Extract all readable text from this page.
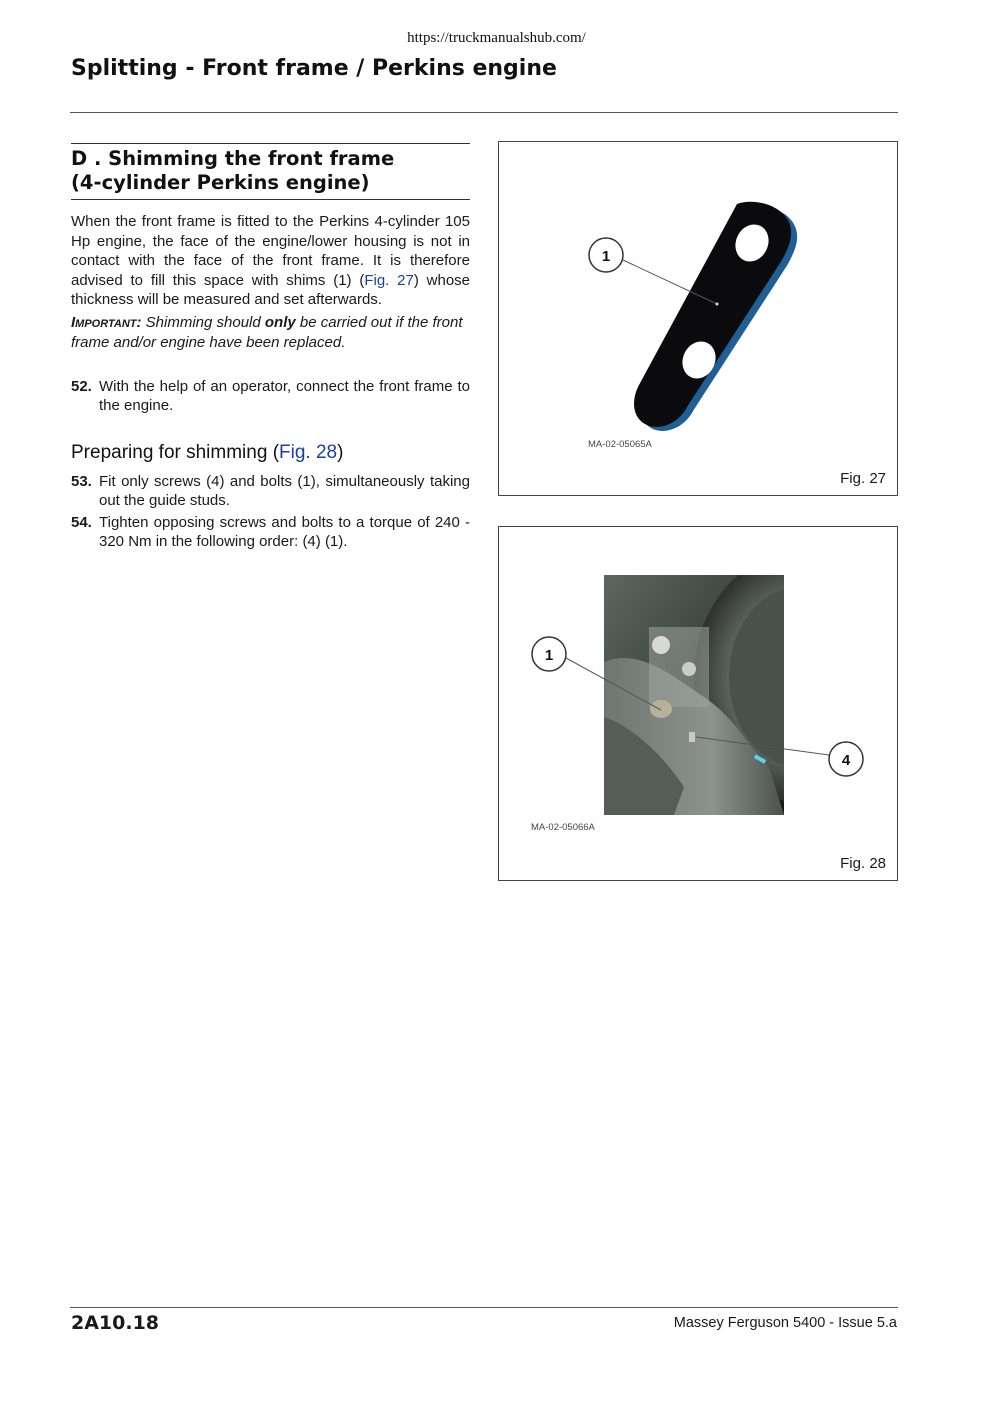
https://truckmanualshub.com/
Splitting - Front frame / Perkins engine
D . Shimming the front frame
(4-cylinder Perkins engine)

When the front frame is fitted to the Perkins 4-cylinder 105 Hp engine, the face of the engine/lower housing is not in contact with the face of the front frame. It is therefore advised to fill this space with shims (1) (Fig. 27) whose thickness will be measured and set afterwards.

Important: Shimming should only be carried out if the front frame and/or engine have been replaced.

52. With the help of an operator, connect the front frame to the engine.
Preparing for shimming (Fig. 28)
53. Fit only screws (4) and bolts (1), simultaneously taking out the guide studs.
54. Tighten opposing screws and bolts to a torque of 240 - 320 Nm in the following order: (4) (1).
1
MA-02-05065A
Fig. 27
1
4
MA-02-05066A
Fig. 28
2A10.18	Massey Ferguson 5400 - Issue 5.a
